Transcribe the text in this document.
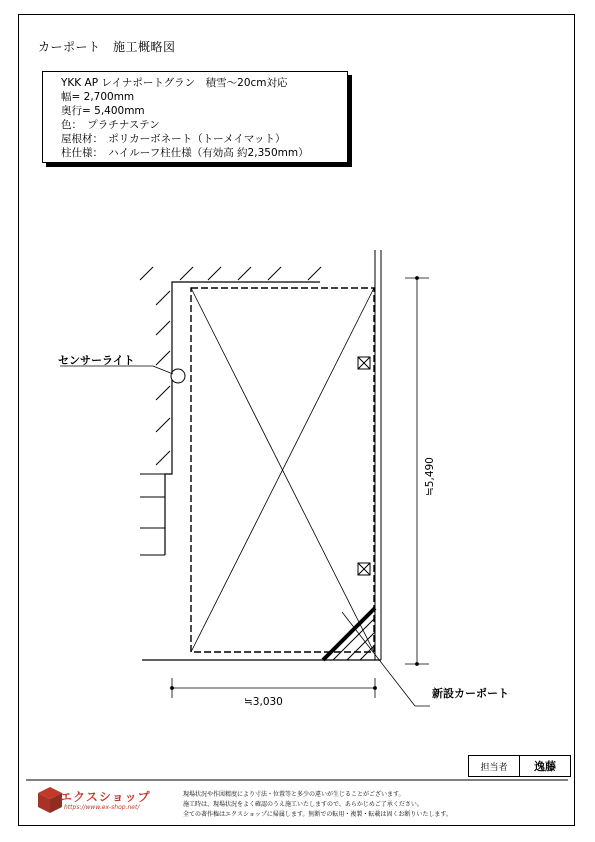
カーポート　施工概略図
YKK AP レイナポートグラン　積雪～20cm対応
幅= 2,700mm
奥行= 5,400mm
色：　プラチナステン
屋根材：　ポリカーボネート（トーメイマット）
柱仕様：　ハイルーフ柱仕様（有効高 約2,350mm）
センサーライト
新設カーポート
≒5,490
≒3,030
担当者 逸藤
エクスショップ
https://www.ex-shop.net/
現場状況や作図精度により寸法・位置等と多少の違いが生じることがございます。
施工時は、現場状況をよく確認のうえ施工いたしますので、あらかじめご了承ください。
全ての著作権はエクスショップに帰属します。無断での転用・複製・転載は固くお断りいたします。
